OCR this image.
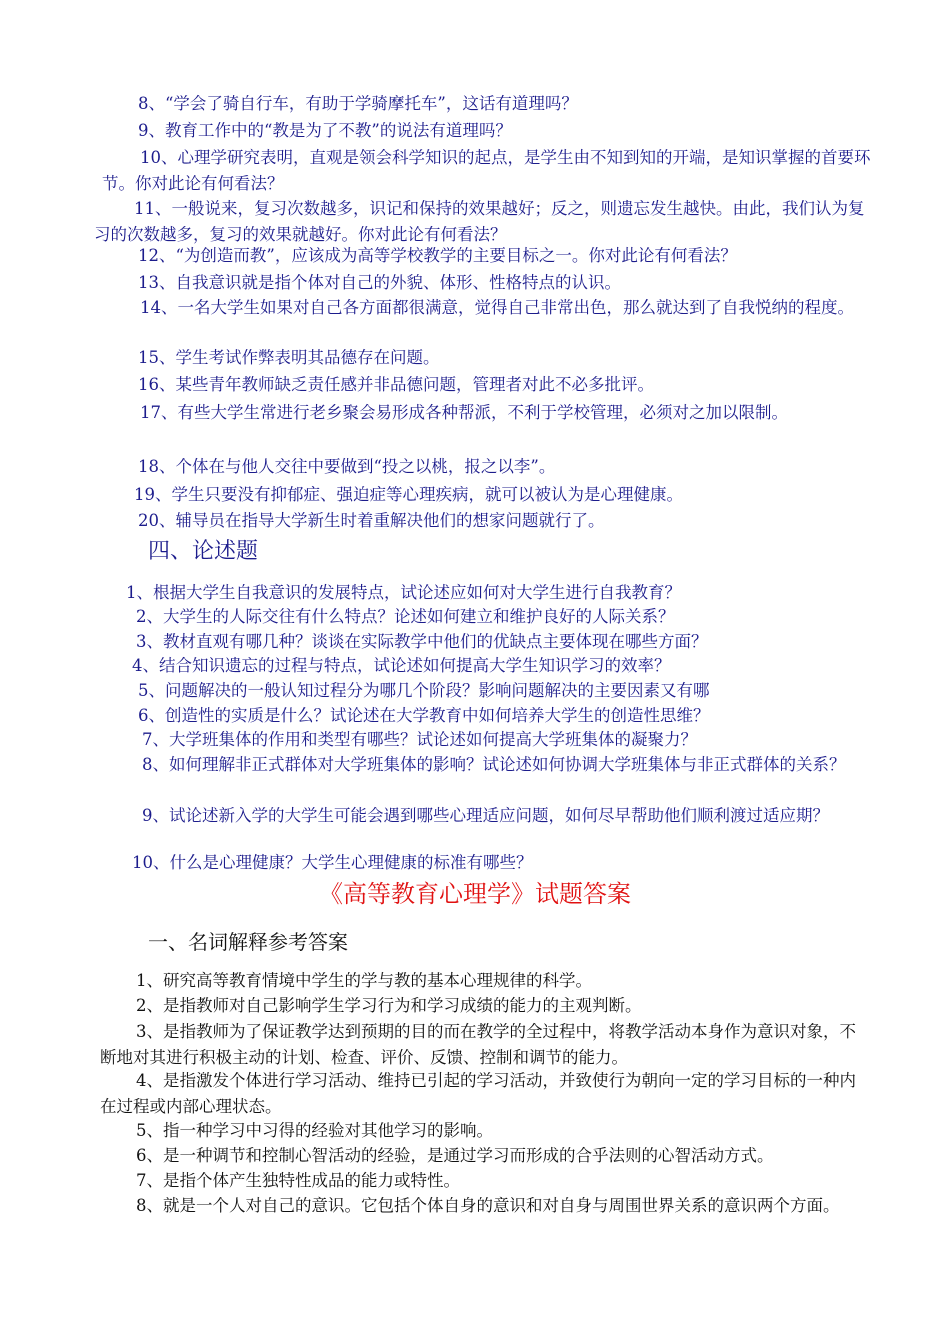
8、“学会了骑自行车，有助于学骑摩托车”，这话有道理吗？

9、教育工作中的“教是为了不教”的说法有道理吗？

10、心理学研究表明，直观是领会科学知识的起点，是学生由不知到知的开端，是知识掌握的首要环节。你对此论有何看法？

11、一般说来，复习次数越多，识记和保持的效果越好；反之，则遗忘发生越快。由此，我们认为复习的次数越多，复习的效果就越好。你对此论有何看法？

12、“为创造而教”，应该成为高等学校教学的主要目标之一。你对此论有何看法？

13、自我意识就是指个体对自己的外貌、体形、性格特点的认识。

14、一名大学生如果对自己各方面都很满意，觉得自己非常出色，那么就达到了自我悦纳的程度。

15、学生考试作弊表明其品德存在问题。

16、某些青年教师缺乏责任感并非品德问题，管理者对此不必多批评。

17、有些大学生常进行老乡聚会易形成各种帮派，不利于学校管理，必须对之加以限制。

18、个体在与他人交往中要做到“投之以桃，报之以李”。

19、学生只要没有抑郁症、强迫症等心理疾病，就可以被认为是心理健康。

20、辅导员在指导大学新生时着重解决他们的想家问题就行了。

四、论述题

1、根据大学生自我意识的发展特点，试论述应如何对大学生进行自我教育？

2、大学生的人际交往有什么特点？论述如何建立和维护良好的人际关系？

3、教材直观有哪几种？谈谈在实际教学中他们的优缺点主要体现在哪些方面？

4、结合知识遗忘的过程与特点，试论述如何提高大学生知识学习的效率？

5、问题解决的一般认知过程分为哪几个阶段？影响问题解决的主要因素又有哪

6、创造性的实质是什么？试论述在大学教育中如何培养大学生的创造性思维？

7、大学班集体的作用和类型有哪些？试论述如何提高大学班集体的凝聚力？

8、如何理解非正式群体对大学班集体的影响？试论述如何协调大学班集体与非正式群体的关系？

9、试论述新入学的大学生可能会遇到哪些心理适应问题，如何尽早帮助他们顺利渡过适应期？

10、什么是心理健康？大学生心理健康的标准有哪些？

《高等教育心理学》试题答案
一、名词解释参考答案

1、研究高等教育情境中学生的学与教的基本心理规律的科学。

2、是指教师对自己影响学生学习行为和学习成绩的能力的主观判断。

3、是指教师为了保证教学达到预期的目的而在教学的全过程中，将教学活动本身作为意识对象，不断地对其进行积极主动的计划、检查、评价、反馈、控制和调节的能力。

4、是指激发个体进行学习活动、维持已引起的学习活动，并致使行为朝向一定的学习目标的一种内在过程或内部心理状态。

5、指一种学习中习得的经验对其他学习的影响。

6、是一种调节和控制心智活动的经验，是通过学习而形成的合乎法则的心智活动方式。

7、是指个体产生独特性成品的能力或特性。

8、就是一个人对自己的意识。它包括个体自身的意识和对自身与周围世界关系的意识两个方面。
